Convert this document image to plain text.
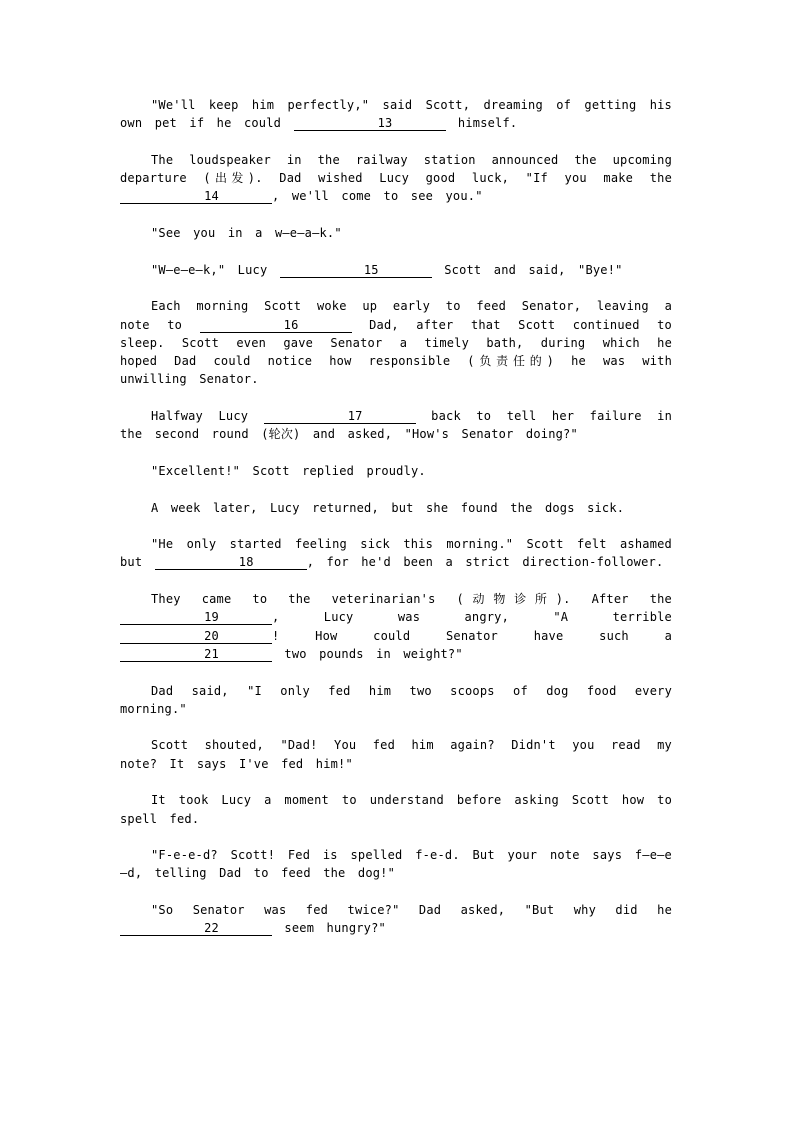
"We'll keep him perfectly," said Scott, dreaming of getting his own pet if he could	13	himself.

The loudspeaker in the railway station announced the upcoming departure (出发). Dad wished Lucy good luck, "If you make the 14	, we'll come to see you."

"See you in a w—e—a—k."

"W—e—e—k," Lucy	15	Scott and said, "Bye!"

Each morning Scott woke up early to feed Senator, leaving a note to	16	Dad, after that Scott continued to sleep. Scott even gave Senator a timely bath, during which he hoped Dad could notice how responsible (负责任的) he was with unwilling Senator.

Halfway Lucy	17	back to tell her failure in the second round (轮次) and asked, "How's Senator doing?"

"Excellent!" Scott replied proudly.

A week later, Lucy returned, but she found the dogs sick.

"He only started feeling sick this morning." Scott felt ashamed but	18	, for he'd been a strict direction-follower.

They came to the veterinarian's (动物诊所). After the 19	, Lucy was angry, "A terrible 20	! How could Senator have such a 21	two pounds in weight?"

Dad said, "I only fed him two scoops of dog food every morning."

Scott shouted, "Dad! You fed him again? Didn't you read my note? It says I've fed him!"

It took Lucy a moment to understand before asking Scott how to spell fed.

"F-e-e-d? Scott! Fed is spelled f-e-d. But your note says f—e—e—d, telling Dad to feed the dog!"

"So Senator was fed twice?" Dad asked, "But why did he 22	seem hungry?"
